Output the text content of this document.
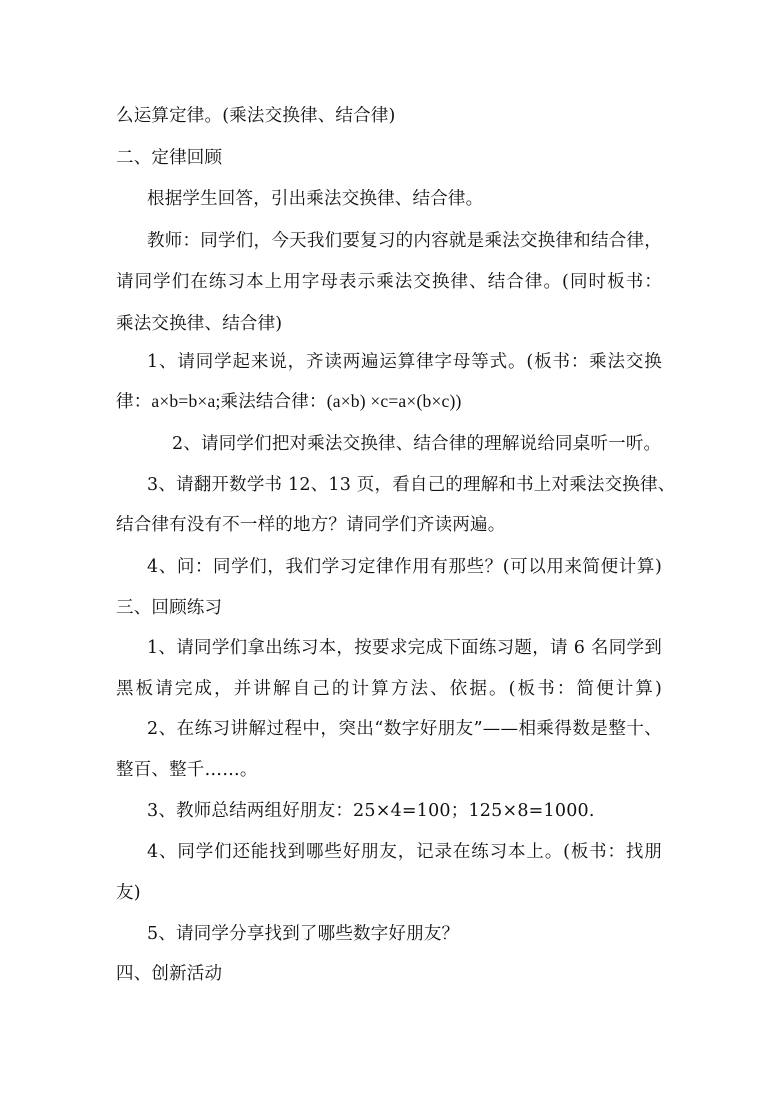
么运算定律。(乘法交换律、结合律)
二、定律回顾
根据学生回答，引出乘法交换律、结合律。
教师：同学们，今天我们要复习的内容就是乘法交换律和结合律，
请同学们在练习本上用字母表示乘法交换律、结合律。(同时板书：
乘法交换律、结合律)
1、请同学起来说，齐读两遍运算律字母等式。(板书：乘法交换
律：a×b=b×a;乘法结合律：(a×b) ×c=a×(b×c))
2、请同学们把对乘法交换律、结合律的理解说给同桌听一听。
3、请翻开数学书 12、13 页，看自己的理解和书上对乘法交换律、
结合律有没有不一样的地方？请同学们齐读两遍。
4、问：同学们，我们学习定律作用有那些？(可以用来简便计算)
三、回顾练习
1、请同学们拿出练习本，按要求完成下面练习题，请 6 名同学到
黑板请完成，并讲解自己的计算方法、依据。(板书：简便计算)
2、在练习讲解过程中，突出“数字好朋友”——相乘得数是整十、
整百、整千……。
3、教师总结两组好朋友：25×4=100；125×8=1000.
4、同学们还能找到哪些好朋友，记录在练习本上。(板书：找朋
友)
5、请同学分享找到了哪些数字好朋友？
四、创新活动
